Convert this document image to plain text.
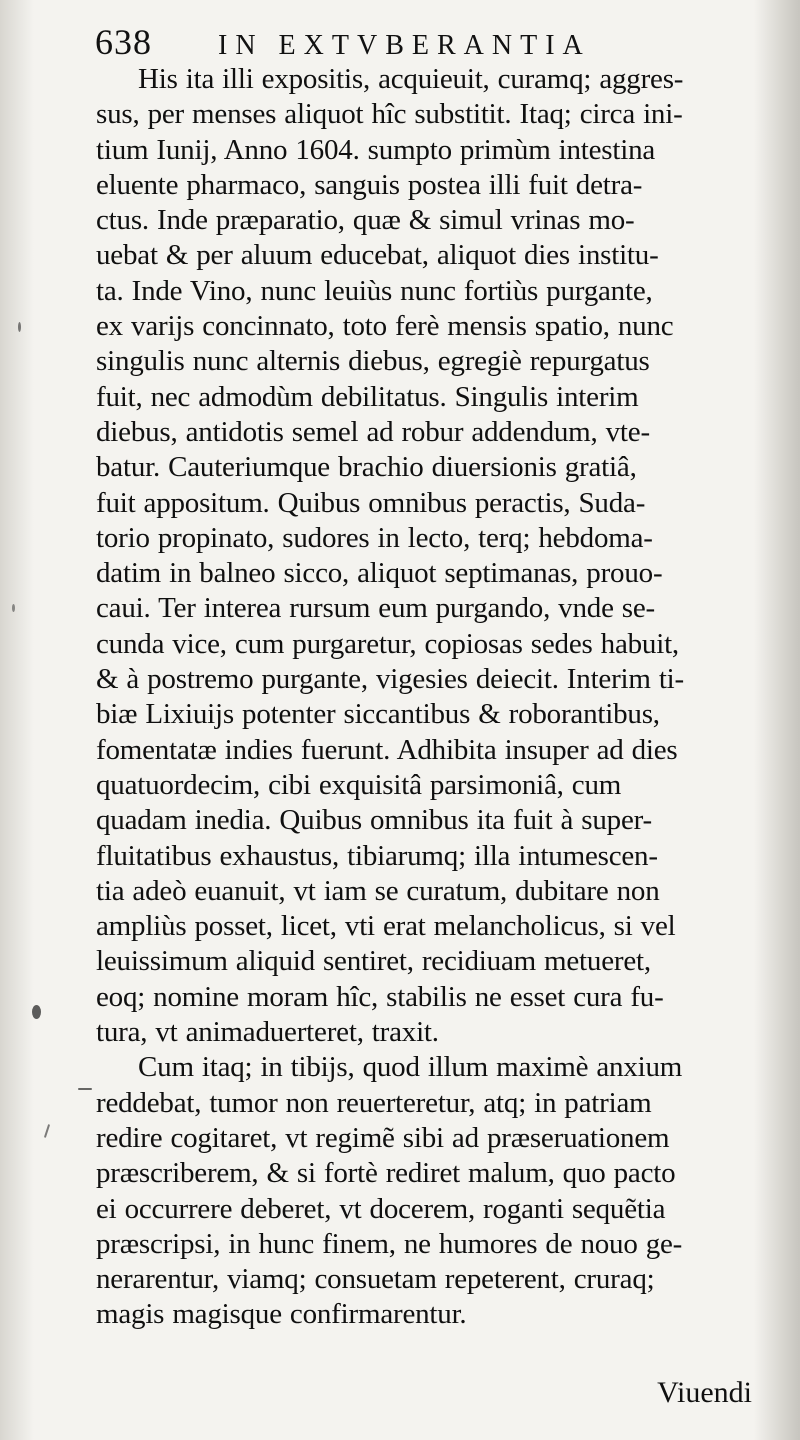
638 IN EXTVBERANTIA
His ita illi expositis, acquieuit, curamq; aggres-
sus, per menses aliquot hîc substitit. Itaq; circa ini-
tium Iunij, Anno 1604. sumpto primùm intestina
eluente pharmaco, sanguis postea illi fuit detra-
ctus. Inde præparatio, quæ & simul vrinas mo-
uebat & per aluum educebat, aliquot dies institu-
ta. Inde Vino, nunc leuiùs nunc fortiùs purgante,
ex varijs concinnato, toto ferè mensis spatio, nunc
singulis nunc alternis diebus, egregiè repurgatus
fuit, nec admodùm debilitatus. Singulis interim
diebus, antidotis semel ad robur addendum, vte-
batur. Cauteriumque brachio diuersionis gratiâ,
fuit appositum. Quibus omnibus peractis, Suda-
torio propinato, sudores in lecto, terq; hebdoma-
datim in balneo sicco, aliquot septimanas, prouo-
caui. Ter interea rursum eum purgando, vnde se-
cunda vice, cum purgaretur, copiosas sedes habuit,
& à postremo purgante, vigesies deiecit. Interim ti-
biæ Lixiuijs potenter siccantibus & roborantibus,
fomentatæ indies fuerunt. Adhibita insuper ad dies
quatuordecim, cibi exquisitâ parsimoniâ, cum
quadam inedia. Quibus omnibus ita fuit à super-
fluitatibus exhaustus, tibiarumq; illa intumescen-
tia adeò euanuit, vt iam se curatum, dubitare non
ampliùs posset, licet, vti erat melancholicus, si vel
leuissimum aliquid sentiret, recidiuam metueret,
eoq; nomine moram hîc, stabilis ne esset cura fu-
tura, vt animaduerteret, traxit.
Cum itaq; in tibijs, quod illum maximè anxium
reddebat, tumor non reuerteretur, atq; in patriam
redire cogitaret, vt regimẽ sibi ad præseruationem
præscriberem, & si fortè rediret malum, quo pacto
ei occurrere deberet, vt docerem, roganti sequẽtia
præscripsi, in hunc finem, ne humores de nouo ge-
nerarentur, viamq; consuetam repeterent, cruraq;
magis magisque confirmarentur.
Viuendi
